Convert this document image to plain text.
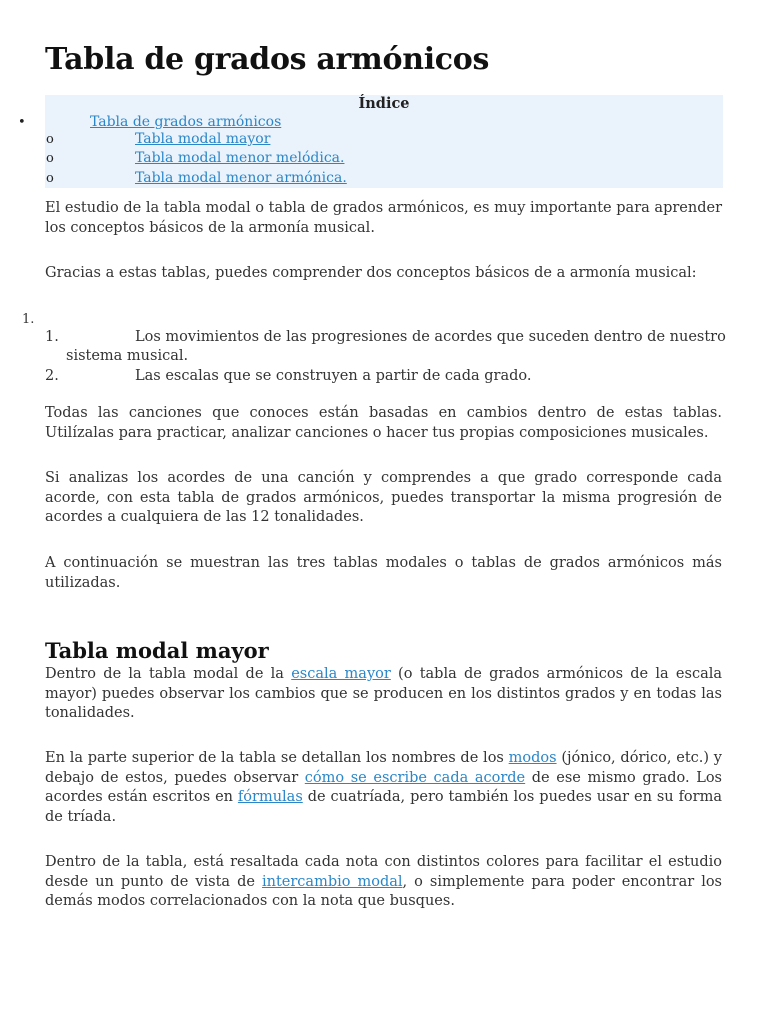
Tabla de grados armónicos
Índice
•	Tabla de grados armónicos
o	Tabla modal mayor
o	Tabla modal menor melódica.
o	Tabla modal menor armónica.

El estudio de la tabla modal o tabla de grados armónicos, es muy importante para aprender los conceptos básicos de la armonía musical.

Gracias a estas tablas, puedes comprender dos conceptos básicos de a armonía musical:

1.
1.	Los movimientos de las progresiones de acordes que suceden dentro de nuestro
sistema musical.
2.	Las escalas que se construyen a partir de cada grado.

Todas las canciones que conoces están basadas en cambios dentro de estas tablas. Utilízalas para practicar, analizar canciones o hacer tus propias composiciones musicales.

Si analizas los acordes de una canción y comprendes a que grado corresponde cada acorde, con esta tabla de grados armónicos, puedes transportar la misma progresión de acordes a cualquiera de las 12 tonalidades.

A continuación se muestran las tres tablas modales o tablas de grados armónicos más utilizadas.

Tabla modal mayor

Dentro de la tabla modal de la escala mayor (o tabla de grados armónicos de la escala mayor) puedes observar los cambios que se producen en los distintos grados y en todas las tonalidades.

En la parte superior de la tabla se detallan los nombres de los modos (jónico, dórico, etc.) y debajo de estos, puedes observar cómo se escribe cada acorde de ese mismo grado. Los acordes están escritos en fórmulas de cuatríada, pero también los puedes usar en su forma de tríada.

Dentro de la tabla, está resaltada cada nota con distintos colores para facilitar el estudio desde un punto de vista de intercambio modal, o simplemente para poder encontrar los demás modos correlacionados con la nota que busques.
